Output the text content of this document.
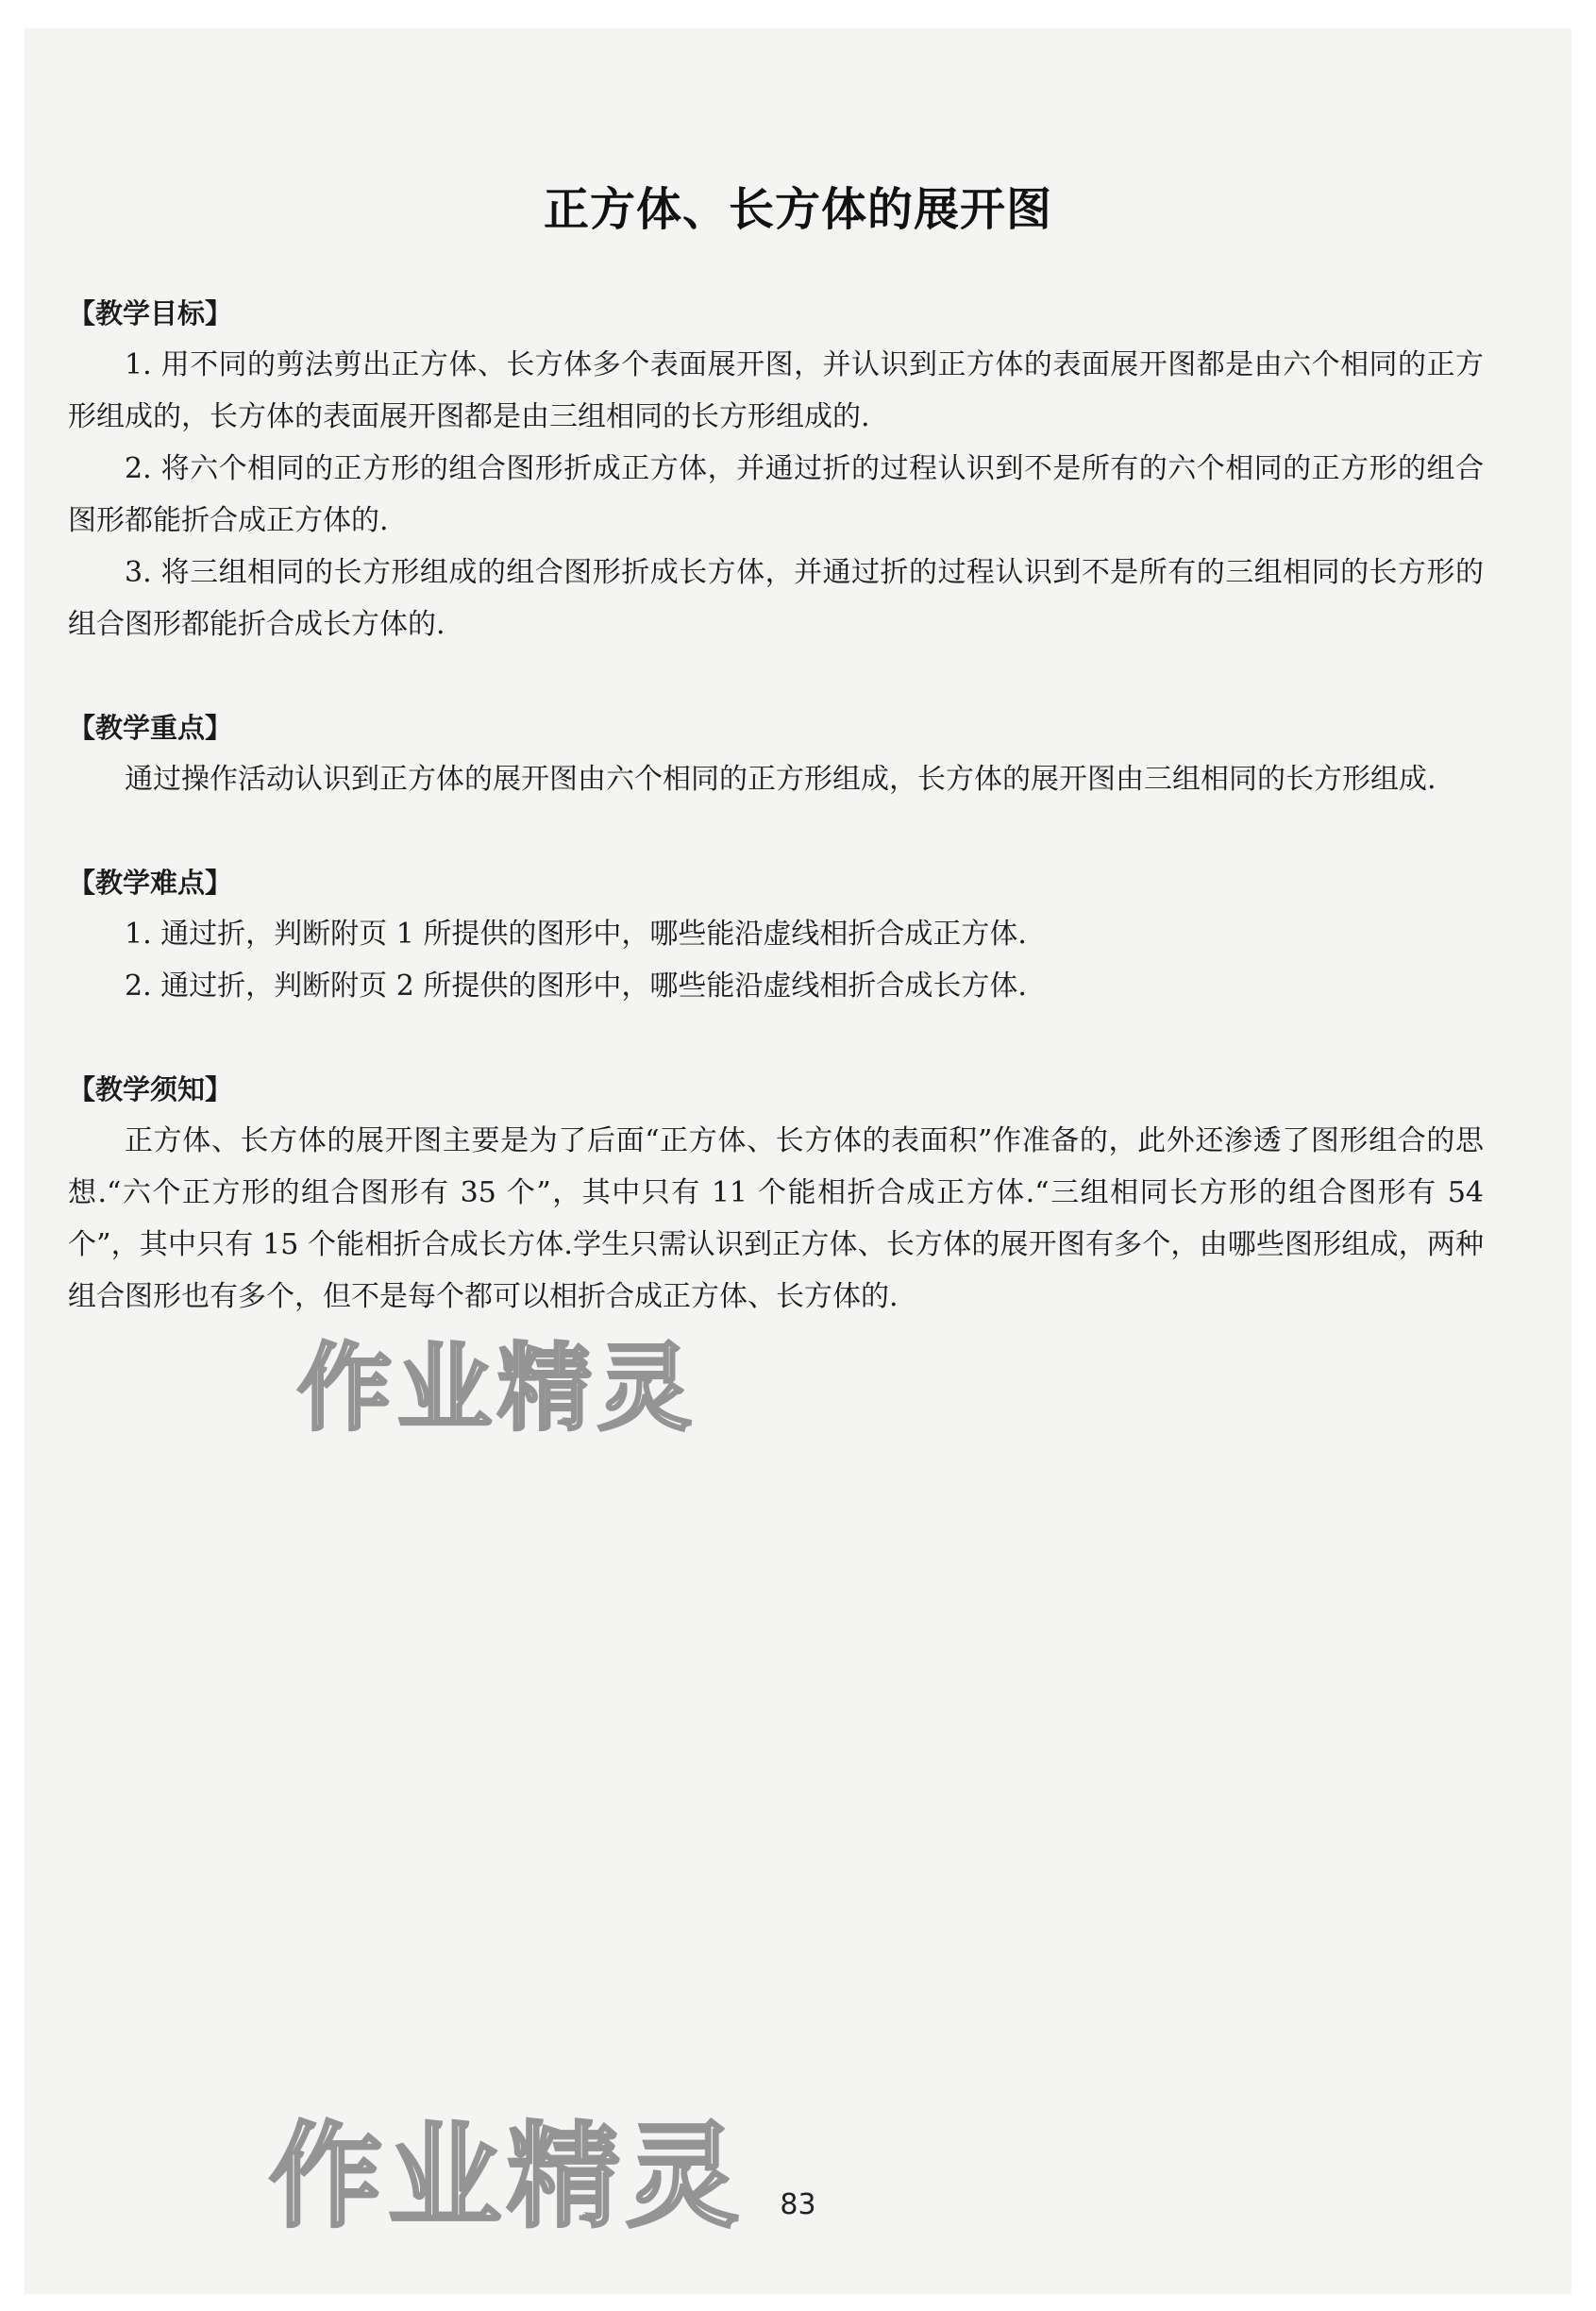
正方体、长方体的展开图
【教学目标】

1. 用不同的剪法剪出正方体、长方体多个表面展开图，并认识到正方体的表面展开图都是由六个相同的正方形组成的，长方体的表面展开图都是由三组相同的长方形组成的.

2. 将六个相同的正方形的组合图形折成正方体，并通过折的过程认识到不是所有的六个相同的正方形的组合图形都能折合成正方体的.

3. 将三组相同的长方形组成的组合图形折成长方体，并通过折的过程认识到不是所有的三组相同的长方形的组合图形都能折合成长方体的.

【教学重点】

通过操作活动认识到正方体的展开图由六个相同的正方形组成，长方体的展开图由三组相同的长方形组成.

【教学难点】

1. 通过折，判断附页 1 所提供的图形中，哪些能沿虚线相折合成正方体.

2. 通过折，判断附页 2 所提供的图形中，哪些能沿虚线相折合成长方体.

【教学须知】

正方体、长方体的展开图主要是为了后面“正方体、长方体的表面积”作准备的，此外还渗透了图形组合的思想.“六个正方形的组合图形有 35 个”，其中只有 11 个能相折合成正方体.“三组相同长方形的组合图形有 54 个”，其中只有 15 个能相折合成长方体.学生只需认识到正方体、长方体的展开图有多个，由哪些图形组成，两种组合图形也有多个，但不是每个都可以相折合成正方体、长方体的.

83
